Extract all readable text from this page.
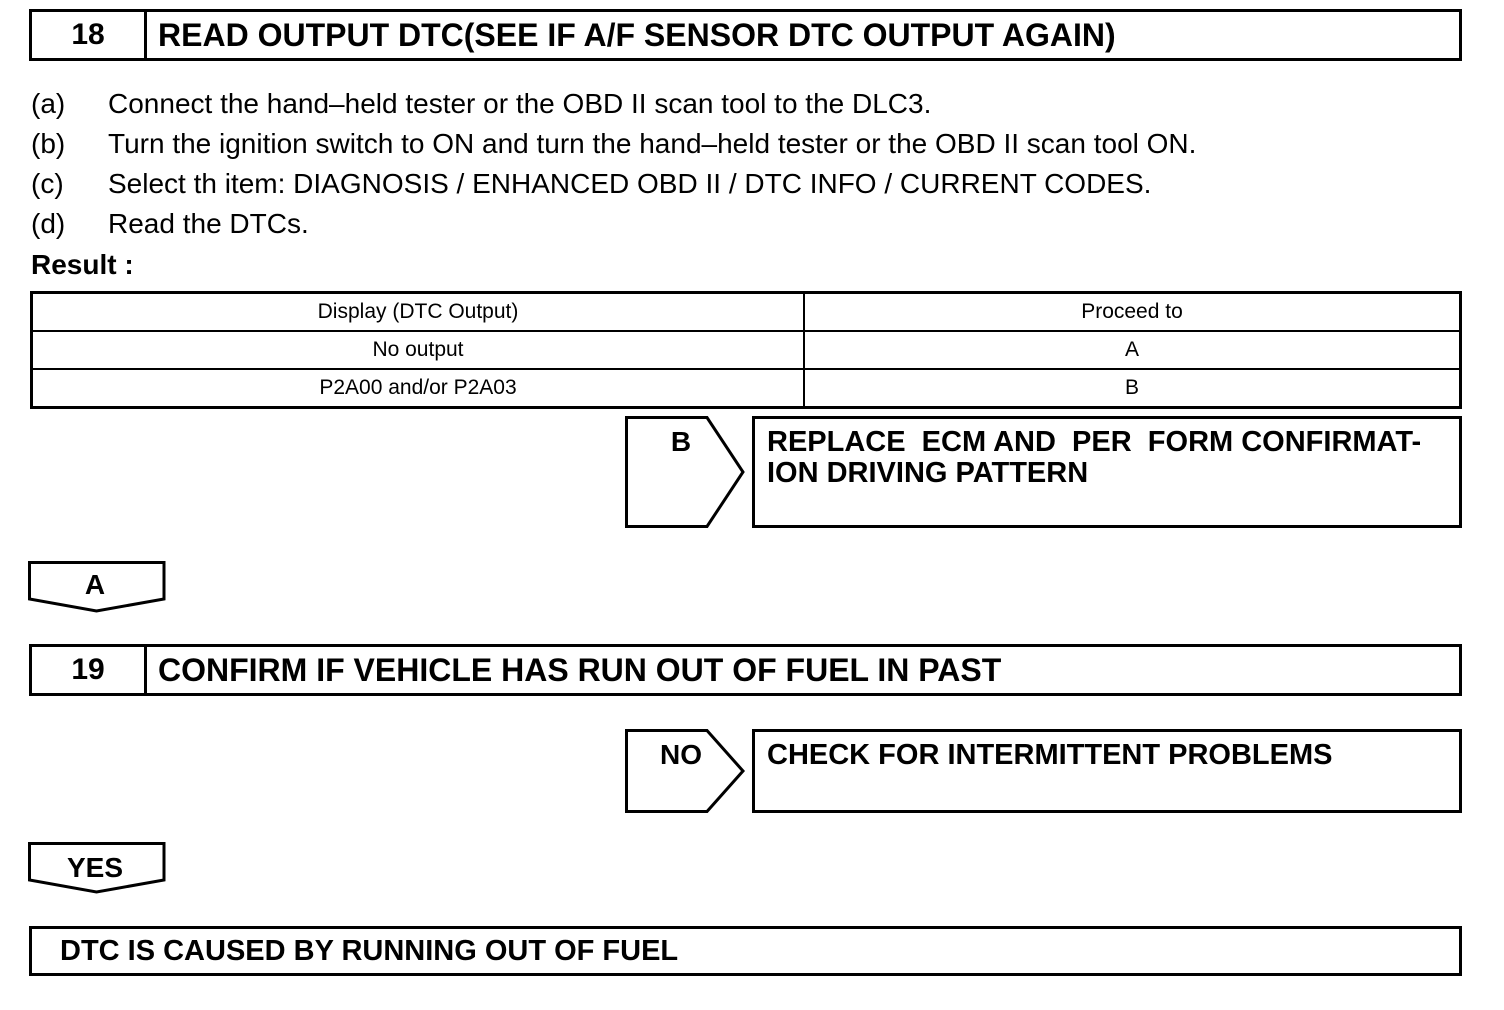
18	READ OUTPUT DTC(SEE IF A/F SENSOR DTC OUTPUT AGAIN)
(a) Connect the hand–held tester or the OBD II scan tool to the DLC3.
(b) Turn the ignition switch to ON and turn the hand–held tester or the OBD II scan tool ON.
(c) Select th item: DIAGNOSIS / ENHANCED OBD II / DTC INFO / CURRENT CODES.
(d) Read the DTCs.
Result :
Display (DTC Output)	Proceed to
No output	A
P2A00 and/or P2A03	B
B	REPLACE  ECM AND  PER  FORM CONFIRMAT-
ION DRIVING PATTERN
A
19	CONFIRM IF VEHICLE HAS RUN OUT OF FUEL IN PAST
NO	CHECK FOR INTERMITTENT PROBLEMS
YES
DTC IS CAUSED BY RUNNING OUT OF FUEL
